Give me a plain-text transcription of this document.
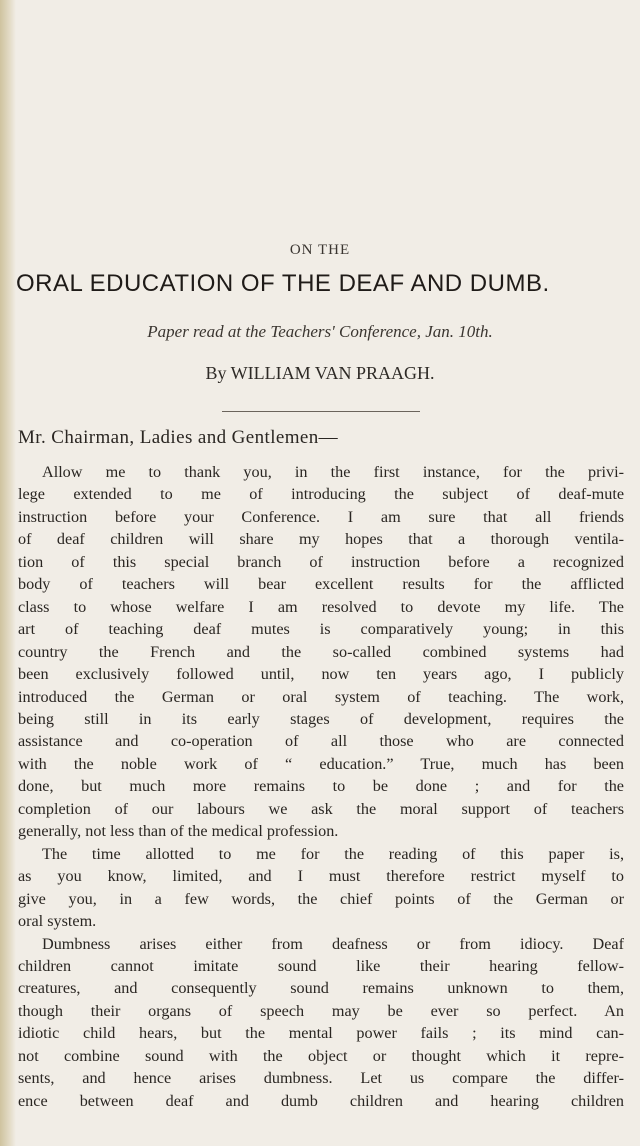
ON THE
ORAL EDUCATION OF THE DEAF AND DUMB.
Paper read at the Teachers' Conference, Jan. 10th.
By WILLIAM VAN PRAAGH.
Mr. Chairman, Ladies and Gentlemen—
Allow me to thank you, in the first instance, for the privi-
lege extended to me of introducing the subject of deaf-mute
instruction before your Conference. I am sure that all friends
of deaf children will share my hopes that a thorough ventila-
tion of this special branch of instruction before a recognized
body of teachers will bear excellent results for the afflicted
class to whose welfare I am resolved to devote my life. The
art of teaching deaf mutes is comparatively young; in this
country the French and the so-called combined systems had
been exclusively followed until, now ten years ago, I publicly
introduced the German or oral system of teaching. The work,
being still in its early stages of development, requires the
assistance and co-operation of all those who are connected
with the noble work of “ education.” True, much has been
done, but much more remains to be done ; and for the
completion of our labours we ask the moral support of teachers
generally, not less than of the medical profession.
The time allotted to me for the reading of this paper is,
as you know, limited, and I must therefore restrict myself to
give you, in a few words, the chief points of the German or
oral system.
Dumbness arises either from deafness or from idiocy. Deaf
children cannot imitate sound like their hearing fellow-
creatures, and consequently sound remains unknown to them,
though their organs of speech may be ever so perfect. An
idiotic child hears, but the mental power fails ; its mind can-
not combine sound with the object or thought which it repre-
sents, and hence arises dumbness. Let us compare the differ-
ence between deaf and dumb children and hearing children
